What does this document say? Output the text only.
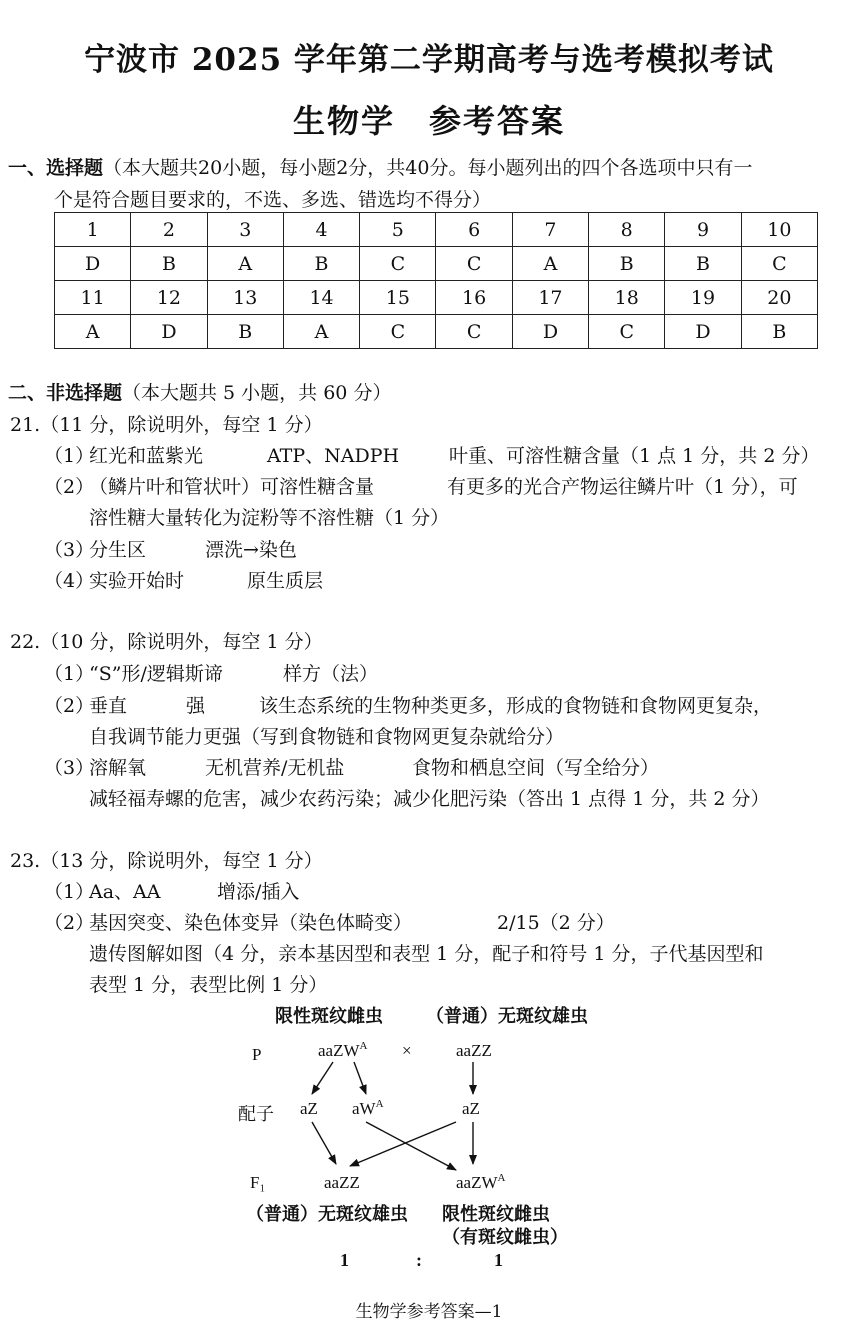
宁波市 2025 学年第二学期高考与选考模拟考试
生物学 参考答案
一、选择题（本大题共20小题，每小题2分，共40分。每小题列出的四个各选项中只有一
个是符合题目要求的，不选、多选、错选均不得分）
1	2	3	4	5	6	7	8	9	10
D	B	A	B	C	C	A	B	B	C
11	12	13	14	15	16	17	18	19	20
A	D	B	A	C	C	D	C	D	B
二、非选择题（本大题共 5 小题，共 60 分）
21.（11 分，除说明外，每空 1 分）
（1）
红光和蓝紫光	ATP、NADPH	叶重、可溶性糖含量（1 点 1 分，共 2 分）
（2）
（鳞片叶和管状叶）可溶性糖含量	有更多的光合产物运往鳞片叶（1 分），可
溶性糖大量转化为淀粉等不溶性糖（1 分）
（3）
分生区	漂洗→染色
（4）
实验开始时	原生质层
22.（10 分，除说明外，每空 1 分）
（1）
“S”形/逻辑斯谛	样方（法）
（2）
垂直	强	该生态系统的生物种类更多，形成的食物链和食物网更复杂，
自我调节能力更强（写到食物链和食物网更复杂就给分）
（3）
溶解氧	无机营养/无机盐	食物和栖息空间（写全给分）
减轻福寿螺的危害，减少农药污染；减少化肥污染（答出 1 点得 1 分，共 2 分）
23.（13 分，除说明外，每空 1 分）
（1）
Aa、AA	增添/插入
（2）
基因突变、染色体变异（染色体畸变）	2/15（2 分）
遗传图解如图（4 分，亲本基因型和表型 1 分，配子和符号 1 分，子代基因型和
表型 1 分，表型比例 1 分）
限性斑纹雌虫 （普通）无斑纹雄虫
P	aaZW$^A$ ×	aaZZ
配子 aZ $aW^A$	aZ
F₁	aaZZ	aaZW$^A$
（普通）无斑纹雄虫 限性斑纹雌虫
（有斑纹雌虫）
1	:	1
生物学参考答案—1
